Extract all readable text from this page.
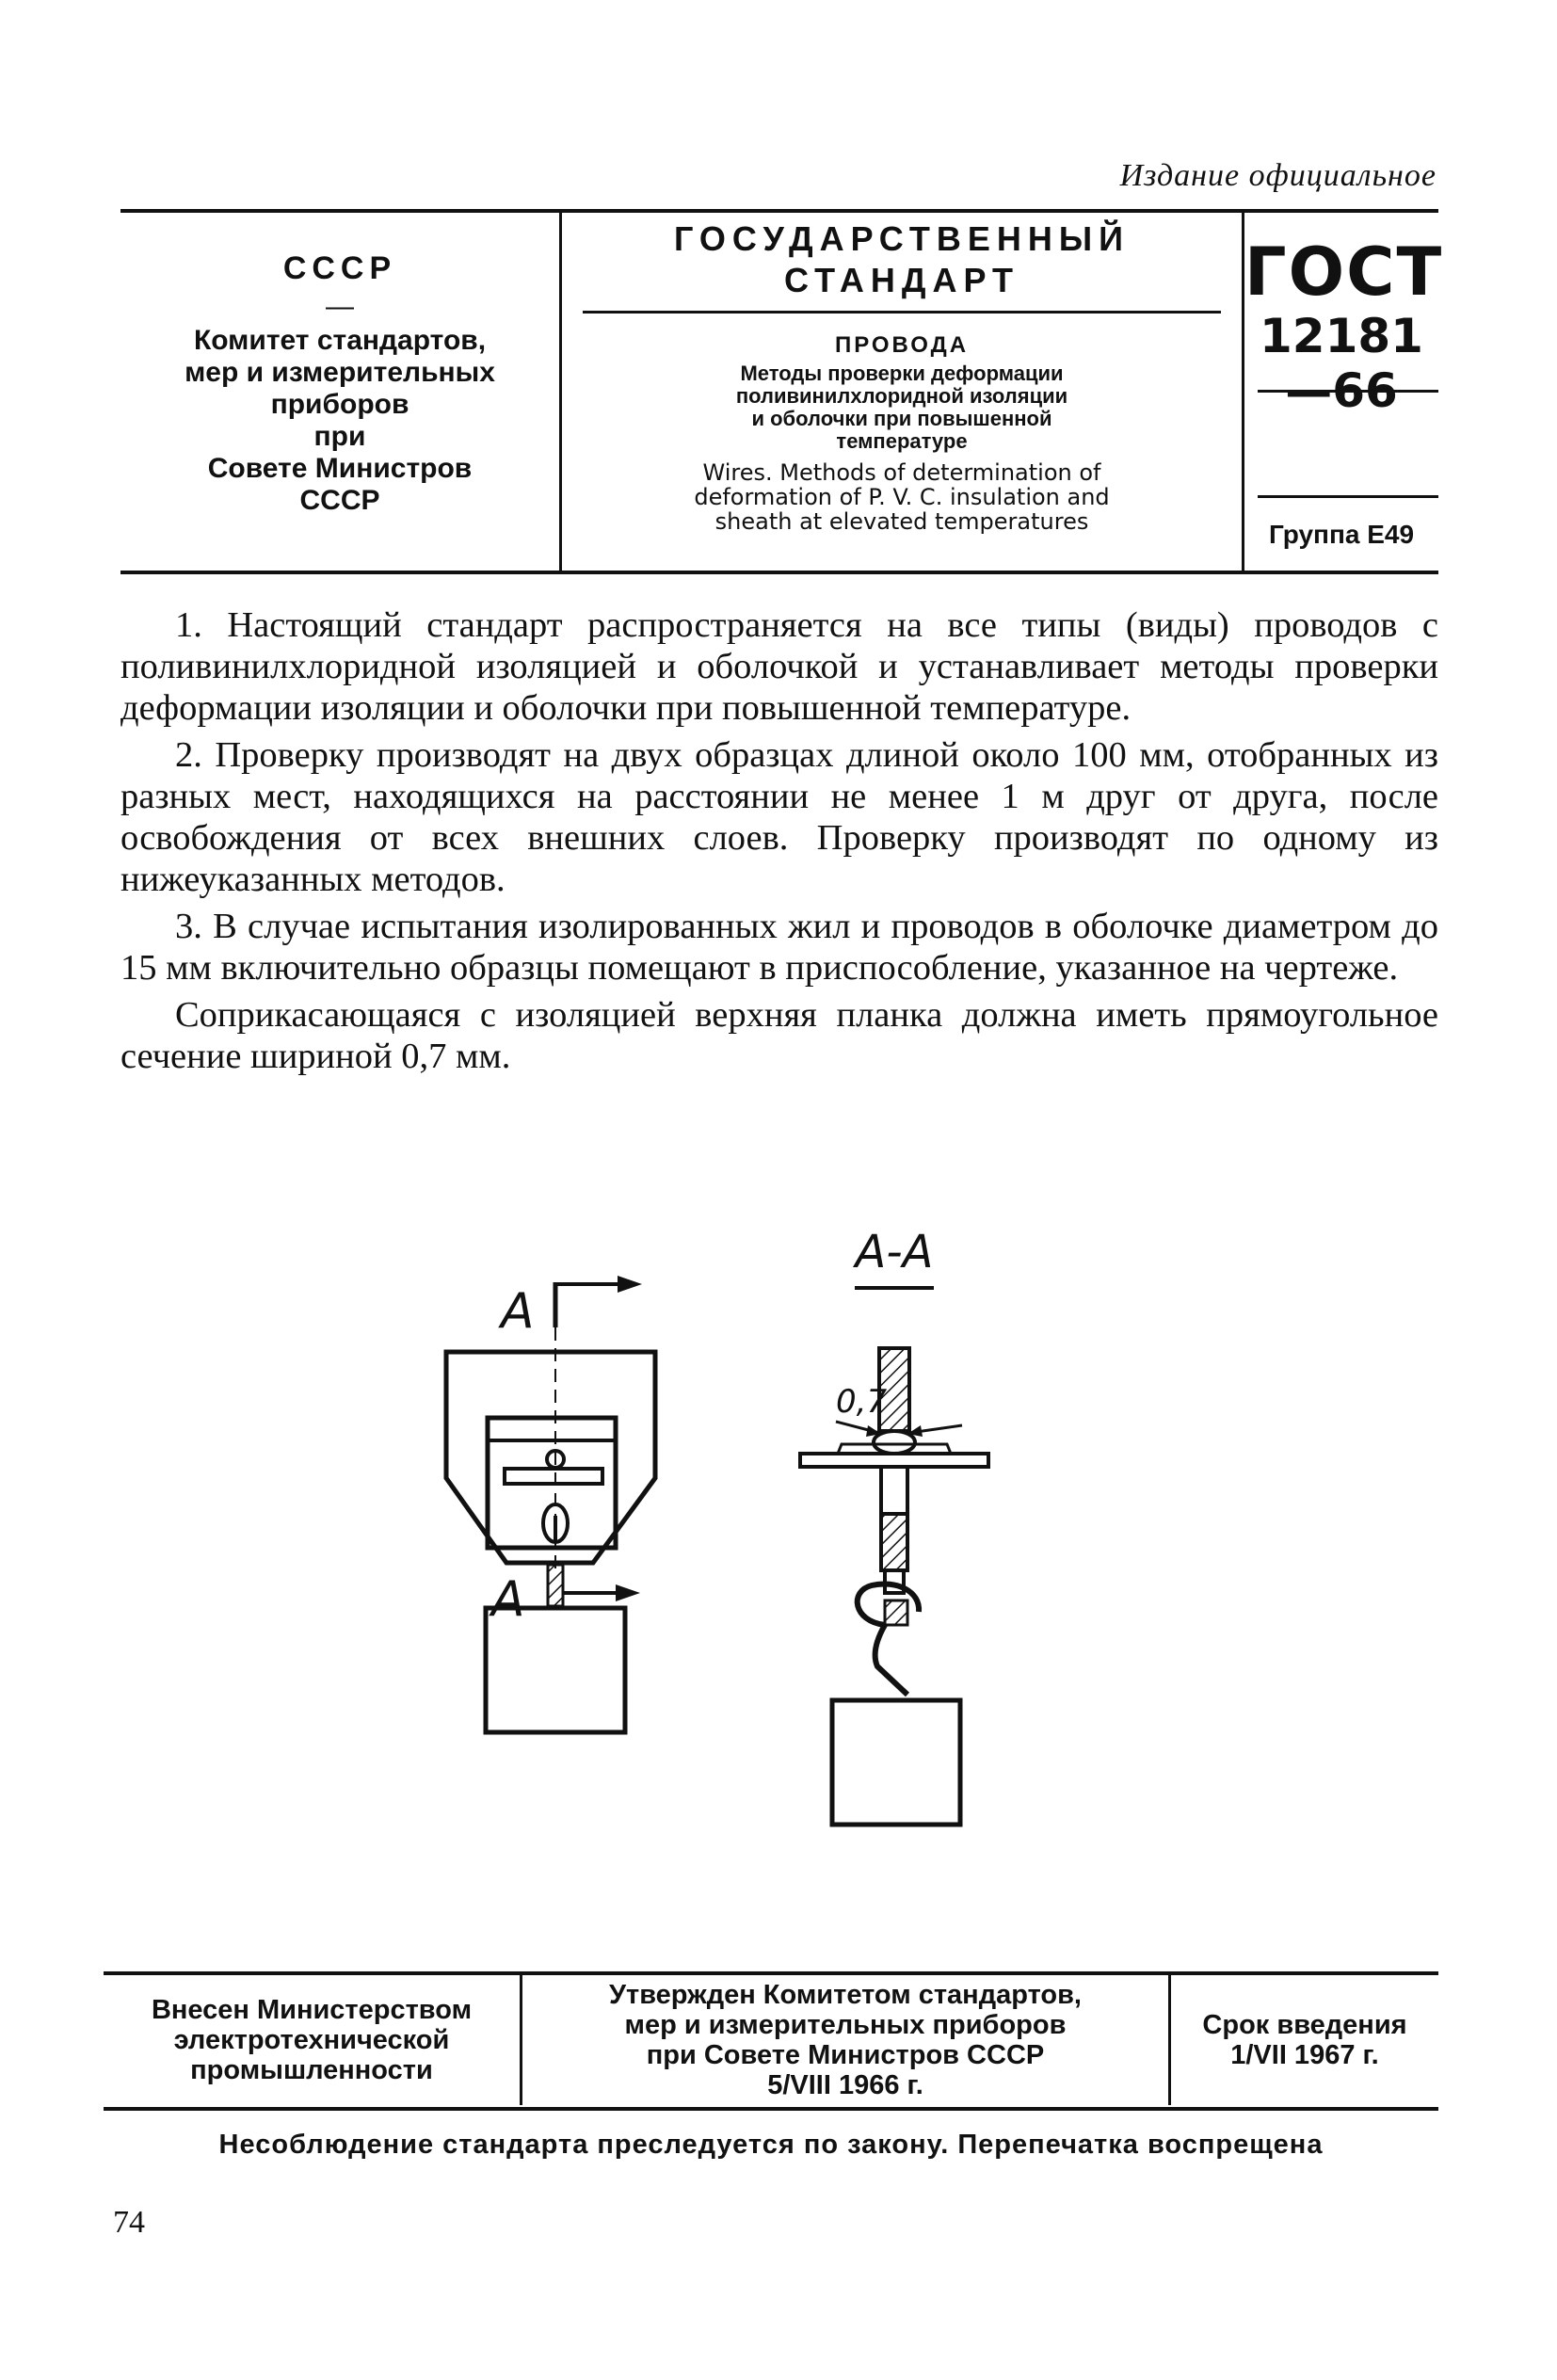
Издание официальное
СССР
—
Комитет стандартов,
мер и измерительных
приборов
при
Совете Министров
СССР
ГОСУДАРСТВЕННЫЙ
СТАНДАРТ
ПРОВОДА
Методы проверки деформации
поливинилхлоридной изоляции
и оболочки при повышенной
температуре
Wires. Methods of determination of
deformation of P. V. C. insulation and
sheath at elevated temperatures
ГОСТ
12181—66
Группа Е49

1. Настоящий стандарт распространяется на все типы (виды) проводов с поливинилхлоридной изоляцией и оболочкой и устанавливает методы проверки деформации изоляции и оболочки при повышенной температуре.

2. Проверку производят на двух образцах длиной около 100 мм, отобранных из разных мест, находящихся на расстоянии не менее 1 м друг от друга, после освобождения от всех внешних слоев. Проверку производят по одному из нижеуказанных методов.

3. В случае испытания изолированных жил и проводов в оболочке диаметром до 15 мм включительно образцы помещают в приспособление, указанное на чертеже.

Соприкасающаяся с изоляцией верхняя планка должна иметь прямоугольное сечение шириной 0,7 мм.

А
А
А-А
0,7
Внесен Министерством
электротехнической
промышленности
Утвержден Комитетом стандартов,
мер и измерительных приборов
при Совете Министров СССР
5/VIII 1966 г.
Срок введения
1/VII 1967 г.
Несоблюдение стандарта преследуется по закону. Перепечатка воспрещена
74
